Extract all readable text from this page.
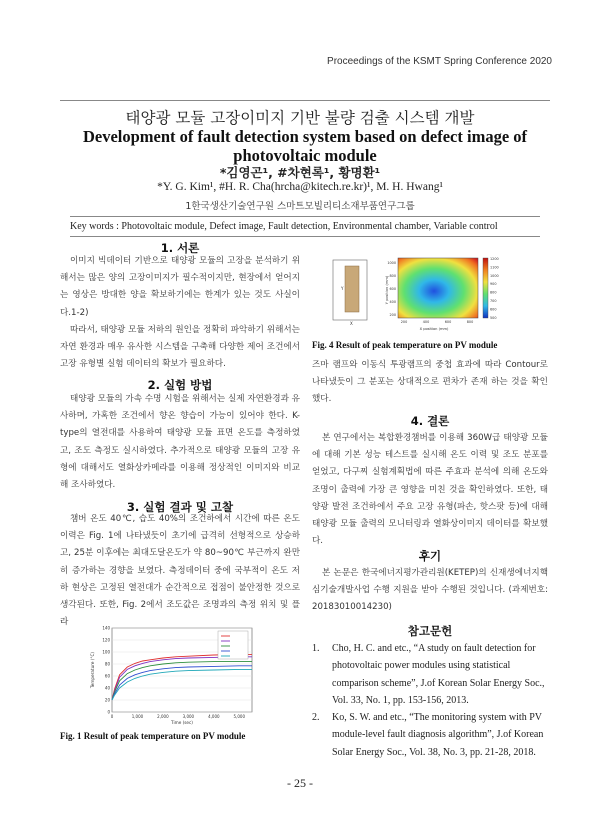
Proceedings of the KSMT Spring Conference 2020
태양광 모듈 고장이미지 기반 불량 검출 시스템 개발
Development of fault detection system based on defect image of photovoltaic module
*김영곤¹, #차현록¹, 황명환¹
*Y. G. Kim¹, #H. R. Cha(hrcha@kitech.re.kr)¹, M. H. Hwang¹
1한국생산기술연구원 스마트모빌리티소재부품연구그룹
Key words : Photovoltaic module, Defect image, Fault detection, Environmental chamber, Variable control
1. 서론
이미지 빅데이터 기반으로 태양광 모듈의 고장을 분석하기 위해서는 많은 양의 고장이미지가 필수적이지만, 현장에서 얻어지는 영상은 방대한 양을 확보하기에는 한계가 있는 것도 사실이다.1-2)
따라서, 태양광 모듈 저하의 원인을 정확히 파악하기 위해서는 자연 환경과 매우 유사한 시스템을 구축해 다양한 제어 조건에서 고장 유형별 실험 데이터의 확보가 필요하다.
2. 실험 방법
태양광 모듈의 가속 수명 시험을 위해서는 실제 자연환경과 유사하며, 가혹한 조건에서 향온 향습이 가능이 있어야 한다. K-type의 열전대를 사용하여 태양광 모듈 표면 온도를 측정하였고, 조도 측정도 실시하였다. 추가적으로 태양광 모듈의 고장 유형에 대해서도 열화상카메라를 이용해 정상적인 이미지와 비교해 조사하였다.
3. 실험 결과 및 고찰
챔버 온도 40℃, 습도 40%의 조건하에서 시간에 따른 온도이력은 Fig. 1에 나타냈듯이 초기에 급격히 선형적으로 상승하고, 25분 이후에는 최대도달온도가 약 80~90℃ 부근까지 완만히 증가하는 경향을 보였다. 측정데이터 중에 국부적이 온도 저하 현상은 고정된 열전대가 순간적으로 접점이 불안정한 것으로 생각된다. 또한, Fig. 2에서 조도값은 조명과의 측정 위치 및 플라
0
20
40
60
80
100
120
140
0	1,000	2,000	3,000	4,000	5,000
Time (sec)
Temperature (°C)
Fig. 1 Result of peak temperature on PV module
Y
X
X position (mm)
Y position (mm)
200	400	600	800
200
400
600
800
1000
1200
1100
1000
900
800
700
600
500
Fig. 4 Result of peak temperature on PV module
즈마 램프와 이동식 투광램프의 중첩 효과에 따라 Contour로 나타냈듯이 그 분포는 상대적으로 편차가 존재 하는 것을 확인했다.
4. 결론
본 연구에서는 복합환경챔버를 이용해 360W급 태양광 모듈에 대해 기본 성능 테스트를 실시해 온도 이력 및 조도 분포를 얻었고, 다구찌 실험계획법에 따른 주효과 분석에 의해 온도와 조명이 출력에 가장 큰 영향을 미친 것을 확인하였다. 또한, 태양광 발전 조건하에서 주요 고장 유형(파손, 핫스팟 등)에 대해 태양광 모듈 출력의 모니터링과 열화상이미지 데이터를 확보했다.
후기
본 논문은 한국에너지평가관리원(KETEP)의 신재생에너지핵심기술개발사업 수행 지원을 받아 수행된 것입니다. (과제번호: 20183010014230)
참고문헌
1.	Cho, H. C. and etc., “A study on fault detection for photovoltaic power modules using statistical comparison scheme”, J.of Korean Solar Energy Soc., Vol. 33, No. 1, pp. 153-156, 2013.
2.	Ko, S. W. and etc., “The monitoring system with PV module-level fault diagnosis algorithm”, J.of Korean Solar Energy Soc., Vol. 38, No. 3, pp. 21-28, 2018.
- 25 -
